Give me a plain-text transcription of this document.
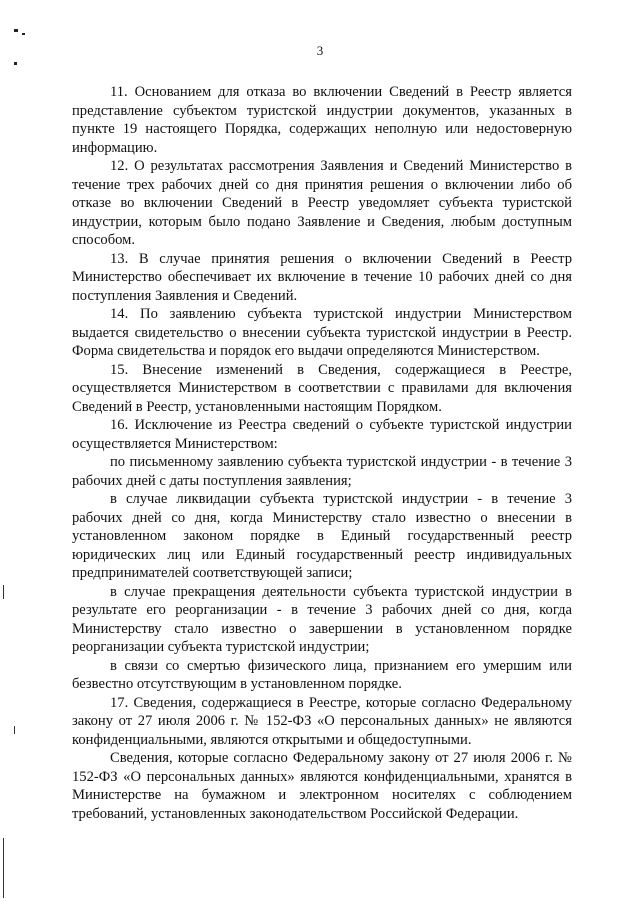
3

11. Основанием для отказа во включении Сведений в Реестр является представление субъектом туристской индустрии документов, указанных в пункте 19 настоящего Порядка, содержащих неполную или недостоверную информацию.

12. О результатах рассмотрения Заявления и Сведений Министерство в течение трех рабочих дней со дня принятия решения о включении либо об отказе во включении Сведений в Реестр уведомляет субъекта туристской индустрии, которым было подано Заявление и Сведения, любым доступным способом.

13. В случае принятия решения о включении Сведений в Реестр Министерство обеспечивает их включение в течение 10 рабочих дней со дня поступления Заявления и Сведений.

14. По заявлению субъекта туристской индустрии Министерством выдается свидетельство о внесении субъекта туристской индустрии в Реестр. Форма свидетельства и порядок его выдачи определяются Министерством.

15. Внесение изменений в Сведения, содержащиеся в Реестре, осуществляется Министерством в соответствии с правилами для включения Сведений в Реестр, установленными настоящим Порядком.

16. Исключение из Реестра сведений о субъекте туристской индустрии осуществляется Министерством:

по письменному заявлению субъекта туристской индустрии - в течение 3 рабочих дней с даты поступления заявления;

в случае ликвидации субъекта туристской индустрии - в течение 3 рабочих дней со дня, когда Министерству стало известно о внесении в установленном законом порядке в Единый государственный реестр юридических лиц или Единый государственный реестр индивидуальных предпринимателей соответствующей записи;

в случае прекращения деятельности субъекта туристской индустрии в результате его реорганизации - в течение 3 рабочих дней со дня, когда Министерству стало известно о завершении в установленном порядке реорганизации субъекта туристской индустрии;

в связи со смертью физического лица, признанием его умершим или безвестно отсутствующим в установленном порядке.

17. Сведения, содержащиеся в Реестре, которые согласно Федеральному закону от 27 июля 2006 г. № 152-ФЗ «О персональных данных» не являются конфиденциальными, являются открытыми и общедоступными.

Сведения, которые согласно Федеральному закону от 27 июля 2006 г. № 152-ФЗ «О персональных данных» являются конфиденциальными, хранятся в Министерстве на бумажном и электронном носителях с соблюдением требований, установленных законодательством Российской Федерации.
